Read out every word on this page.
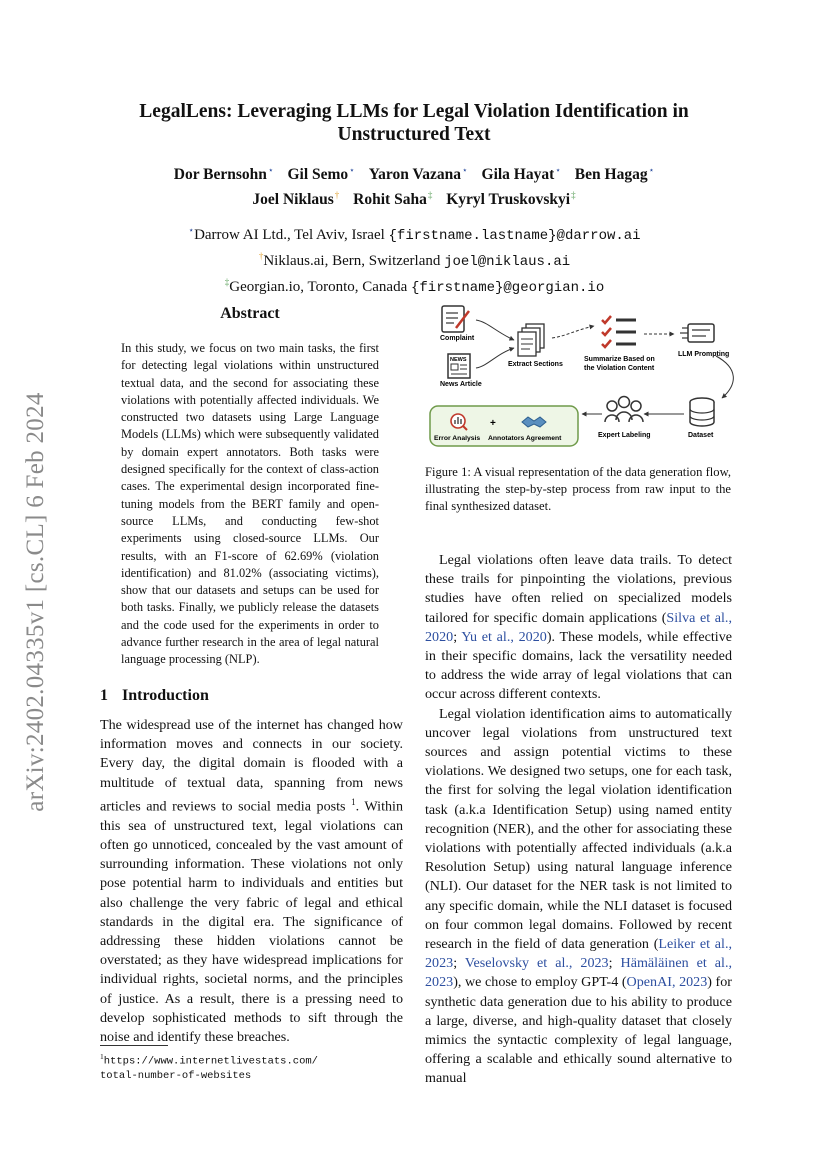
arXiv:2402.04335v1 [cs.CL] 6 Feb 2024
LegalLens: Leveraging LLMs for Legal Violation Identification in
Unstructured Text
Dor Bernsohn⋆ Gil Semo⋆ Yaron Vazana⋆ Gila Hayat⋆ Ben Hagag⋆
Joel Niklaus† Rohit Saha‡ Kyryl Truskovskyi‡
⋆Darrow AI Ltd., Tel Aviv, Israel {firstname.lastname}@darrow.ai
†Niklaus.ai, Bern, Switzerland joel@niklaus.ai
‡Georgian.io, Toronto, Canada {firstname}@georgian.io
Abstract
In this study, we focus on two main tasks, the first for detecting legal violations within unstructured textual data, and the second for associating these violations with potentially affected individuals. We constructed two datasets using Large Language Models (LLMs) which were subsequently validated by domain expert annotators. Both tasks were designed specifically for the context of class-action cases. The experimental design incorporated fine-tuning models from the BERT family and open-source LLMs, and conducting few-shot experiments using closed-source LLMs. Our results, with an F1-score of 62.69% (violation identification) and 81.02% (associating victims), show that our datasets and setups can be used for both tasks. Finally, we publicly release the datasets and the code used for the experiments in order to advance further research in the area of legal natural language processing (NLP).
1 Introduction

The widespread use of the internet has changed how information moves and connects in our society. Every day, the digital domain is flooded with a multitude of textual data, spanning from news articles and reviews to social media posts $^1$. Within this sea of unstructured text, legal violations can often go unnoticed, concealed by the vast amount of surrounding information. These violations not only pose potential harm to individuals and entities but also challenge the very fabric of legal and ethical standards in the digital era. The significance of addressing these hidden violations cannot be overstated; as they have widespread implications for individual rights, societal norms, and the principles of justice. As a result, there is a pressing need to develop sophisticated methods to sift through the noise and identify these breaches.

$^1$https://www.internetlivestats.com/
total-number-of-websites
Complaint
NEWS
News Article
Extract Sections
Summarize Based on
the Violation Content
LLM Prompting
Dataset
Expert Labeling
+
Error Analysis Annotators Agreement
Figure 1: A visual representation of the data generation flow, illustrating the step-by-step process from raw input to the final synthesized dataset.

Legal violations often leave data trails. To detect these trails for pinpointing the violations, previous studies have often relied on specialized models tailored for specific domain applications (Silva et al., 2020; Yu et al., 2020). These models, while effective in their specific domains, lack the versatility needed to address the wide array of legal violations that can occur across different contexts.

Legal violation identification aims to automatically uncover legal violations from unstructured text sources and assign potential victims to these violations. We designed two setups, one for each task, the first for solving the legal violation identification task (a.k.a Identification Setup) using named entity recognition (NER), and the other for associating these violations with potentially affected individuals (a.k.a Resolution Setup) using natural language inference (NLI). Our dataset for the NER task is not limited to any specific domain, while the NLI dataset is focused on four common legal domains. Followed by recent research in the field of data generation (Leiker et al., 2023; Veselovsky et al., 2023; Hämäläinen et al., 2023), we chose to employ GPT-4 (OpenAI, 2023) for synthetic data generation due to his ability to produce a large, diverse, and high-quality dataset that closely mimics the syntactic complexity of legal language, offering a scalable and ethically sound alternative to manual
